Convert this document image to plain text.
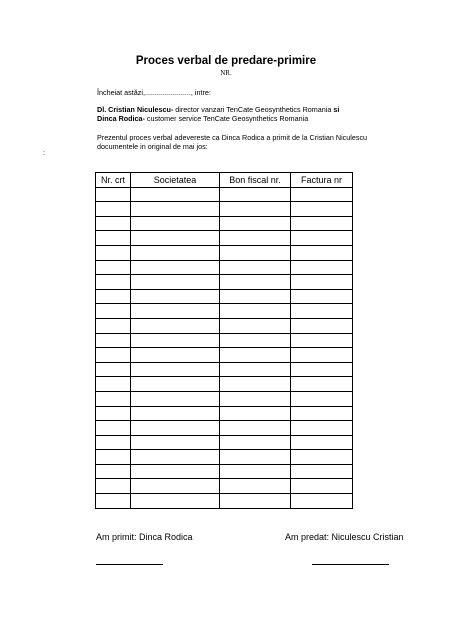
Proces verbal de predare-primire
NR.
Încheiat astăzi,......................., intre:
Dl. Cristian Niculescu- director vanzari TenCate Geosynthetics Romania si
Dinca Rodica- customer service TenCate Geosynthetics Romania
Prezentul proces verbal adevereste ca Dinca Rodica a primit de la Cristian Niculescu
documentele in original de mai jos:
:
Nr. crt	Societatea	Bon fiscal nr.	Factura nr

Am primit: Dinca Rodica	Am predat: Niculescu Cristian
